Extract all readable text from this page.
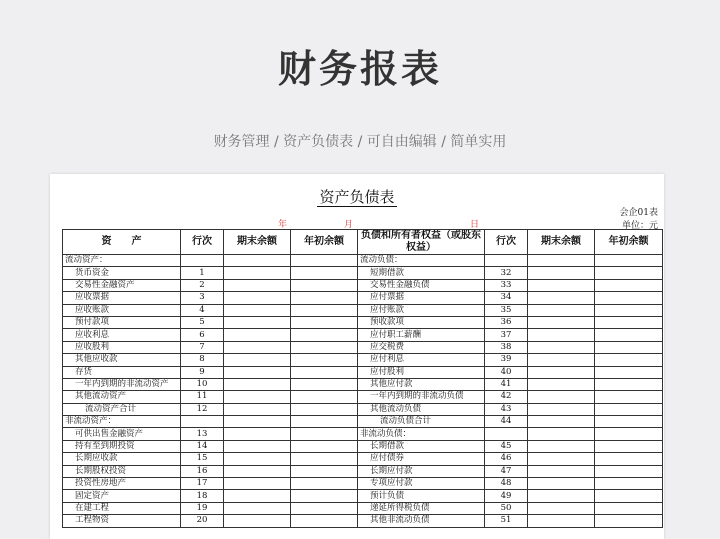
财务报表
财务管理 / 资产负债表 / 可自由编辑 / 简单实用
资产负债表
会企01表
年	月	日	单位：元
资　　产	行次	期末余额	年初余额	负债和所有者权益（或股东权益）	行次	期末余额	年初余额
流动资产：				流动负债：			
货币资金	1			短期借款	32		
交易性金融资产	2			交易性金融负债	33		
应收票据	3			应付票据	34		
应收账款	4			应付账款	35		
预付款项	5			预收款项	36		
应收利息	6			应付职工薪酬	37		
应收股利	7			应交税费	38		
其他应收款	8			应付利息	39		
存货	9			应付股利	40		
一年内到期的非流动资产	10			其他应付款	41		
其他流动资产	11			一年内到期的非流动负债	42		
流动资产合计	12			其他流动负债	43		
非流动资产：				流动负债合计	44		
可供出售金融资产	13			非流动负债：			
持有至到期投资	14			长期借款	45		
长期应收款	15			应付债券	46		
长期股权投资	16			长期应付款	47		
投资性房地产	17			专项应付款	48		
固定资产	18			预计负债	49		
在建工程	19			递延所得税负债	50		
工程物资	20			其他非流动负债	51		
